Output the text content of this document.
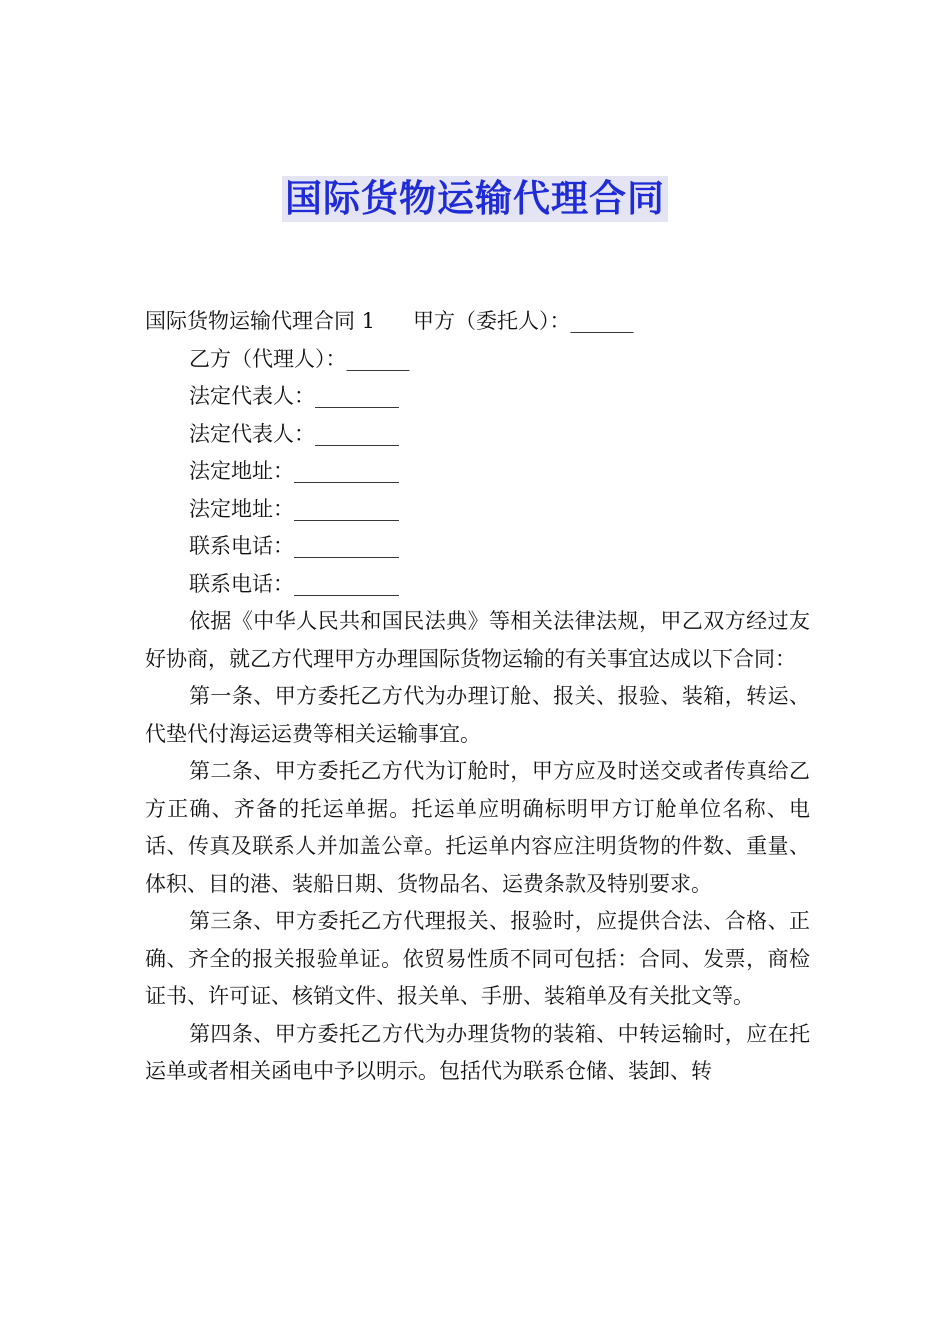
国际货物运输代理合同
国际货物运输代理合同 1 甲方（委托人）：______
乙方（代理人）：______
法定代表人：________
法定代表人：________
法定地址：__________
法定地址：__________
联系电话：__________
联系电话：__________

依据《中华人民共和国民法典》等相关法律法规，甲乙双方经过友好协商，就乙方代理甲方办理国际货物运输的有关事宜达成以下合同：

第一条、甲方委托乙方代为办理订舱、报关、报验、装箱，转运、代垫代付海运运费等相关运输事宜。

第二条、甲方委托乙方代为订舱时，甲方应及时送交或者传真给乙方正确、齐备的托运单据。托运单应明确标明甲方订舱单位名称、电话、传真及联系人并加盖公章。托运单内容应注明货物的件数、重量、体积、目的港、装船日期、货物品名、运费条款及特别要求。

第三条、甲方委托乙方代理报关、报验时，应提供合法、合格、正确、齐全的报关报验单证。依贸易性质不同可包括：合同、发票，商检证书、许可证、核销文件、报关单、手册、装箱单及有关批文等。

第四条、甲方委托乙方代为办理货物的装箱、中转运输时，应在托运单或者相关函电中予以明示。包括代为联系仓储、装卸、转
